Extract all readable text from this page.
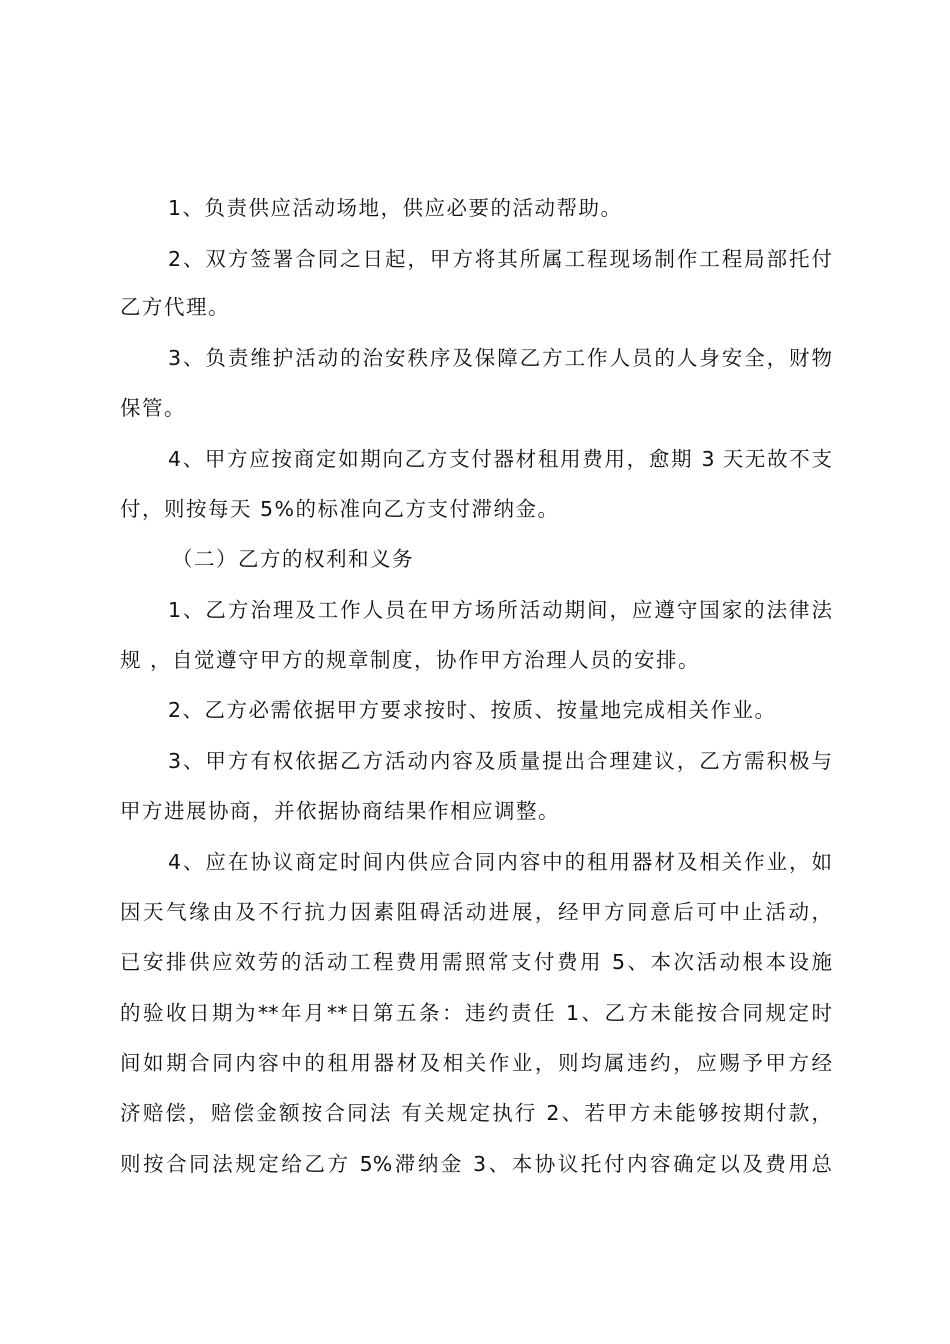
1、负责供应活动场地，供应必要的活动帮助。
2、双方签署合同之日起，甲方将其所属工程现场制作工程局部托付
乙方代理。
3、负责维护活动的治安秩序及保障乙方工作人员的人身安全，财物
保管。
4、甲方应按商定如期向乙方支付器材租用费用，愈期 3 天无故不支
付，则按每天 5%的标准向乙方支付滞纳金。
（二）乙方的权利和义务
1、乙方治理及工作人员在甲方场所活动期间，应遵守国家的法律法
规 ，自觉遵守甲方的规章制度，协作甲方治理人员的安排。
2、乙方必需依据甲方要求按时、按质、按量地完成相关作业。
3、甲方有权依据乙方活动内容及质量提出合理建议，乙方需积极与
甲方进展协商，并依据协商结果作相应调整。
4、应在协议商定时间内供应合同内容中的租用器材及相关作业，如
因天气缘由及不行抗力因素阻碍活动进展，经甲方同意后可中止活动，
已安排供应效劳的活动工程费用需照常支付费用 5、本次活动根本设施
的验收日期为**年月**日第五条：违约责任 1、乙方未能按合同规定时
间如期合同内容中的租用器材及相关作业，则均属违约，应赐予甲方经
济赔偿，赔偿金额按合同法 有关规定执行 2、若甲方未能够按期付款，
则按合同法规定给乙方 5%滞纳金 3、本协议托付内容确定以及费用总
